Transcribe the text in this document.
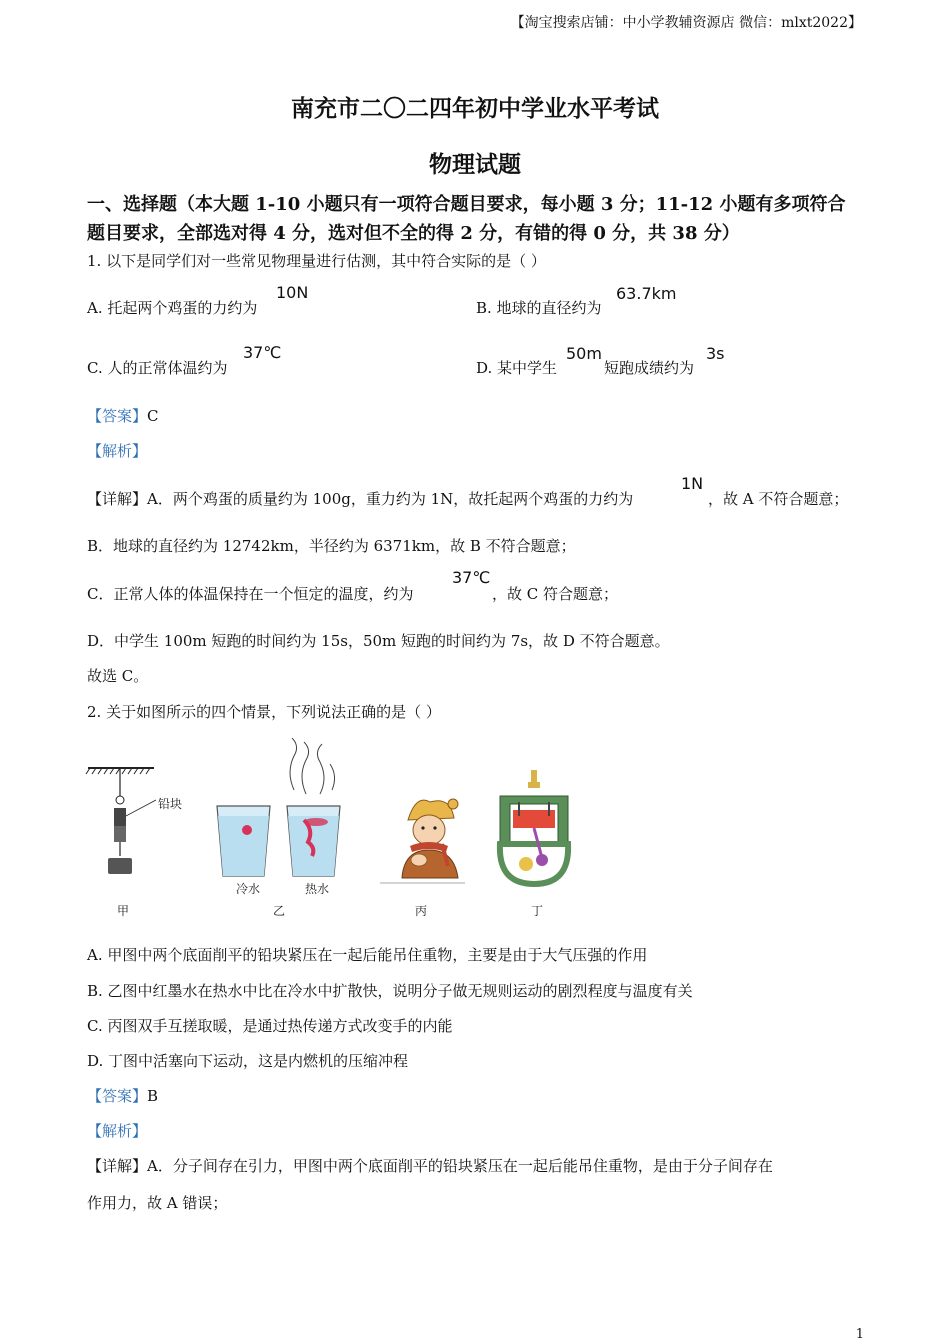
【淘宝搜索店铺：中小学教辅资源店 微信：mlxt2022】
南充市二〇二四年初中学业水平考试
物理试题
一、选择题（本大题 1-10 小题只有一项符合题目要求，每小题 3 分；11-12 小题有多项符合
题目要求，全部选对得 4 分，选对但不全的得 2 分，有错的得 0 分，共 38 分）
1. 以下是同学们对一些常见物理量进行估测，其中符合实际的是（ ）
A. 托起两个鸡蛋的力约为
10N
B. 地球的直径约为
63.7km
C. 人的正常体温约为
37℃
D. 某中学生
50m
短跑成绩约为
3s
【答案】C
【解析】
【详解】A．两个鸡蛋的质量约为 100g，重力约为 1N，故托起两个鸡蛋的力约为
1N
，故 A 不符合题意；
B．地球的直径约为 12742km，半径约为 6371km，故 B 不符合题意；
C．正常人体的体温保持在一个恒定的温度，约为
37℃
，故 C 符合题意；
D．中学生 100m 短跑的时间约为 15s，50m 短跑的时间约为 7s，故 D 不符合题意。
故选 C。
2. 关于如图所示的四个情景，下列说法正确的是（ ）
铅块
甲
冷水	热水
乙	丙	丁
A. 甲图中两个底面削平的铅块紧压在一起后能吊住重物，主要是由于大气压强的作用
B. 乙图中红墨水在热水中比在冷水中扩散快，说明分子做无规则运动的剧烈程度与温度有关
C. 丙图双手互搓取暖，是通过热传递方式改变手的内能
D. 丁图中活塞向下运动，这是内燃机的压缩冲程
【答案】B
【解析】
【详解】A．分子间存在引力，甲图中两个底面削平的铅块紧压在一起后能吊住重物，是由于分子间存在
作用力，故 A 错误；
1
